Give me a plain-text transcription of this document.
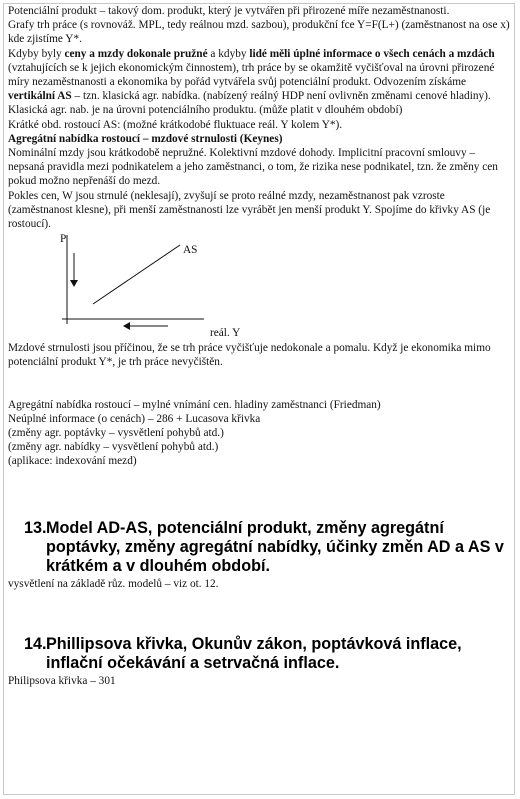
Potenciální produkt – takový dom. produkt, který je vytvářen při přirozené míře nezaměstnanosti.

Grafy trh práce (s rovnováž. MPL, tedy reálnou mzd. sazbou), produkční fce Y=F(L+) (zaměstnanost na ose x) kde zjistíme Y*.

Kdyby byly ceny a mzdy dokonale pružné a kdyby lidé měli úplné informace o všech cenách a mzdách (vztahujících se k jejich ekonomickým činnostem), trh práce by se okamžitě vyčišťoval na úrovni přirozené míry nezaměstnanosti a ekonomika by pořád vytvářela svůj potenciální produkt. Odvozením získáme vertikální AS – tzn. klasická agr. nabídka. (nabízený reálný HDP není ovlivněn změnami cenové hladiny). Klasická agr. nab. je na úrovni potenciálního produktu. (může platit v dlouhém období)

Krátké obd. rostoucí AS: (možné krátkodobé fluktuace reál. Y kolem Y*).

Agregátní nabídka rostoucí – mzdové strnulosti (Keynes)

Nominální mzdy jsou krátkodobě nepružné. Kolektivní mzdové dohody. Implicitní pracovní smlouvy – nepsaná pravidla mezi podnikatelem a jeho zaměstnanci, o tom, že rizika nese podnikatel, tzn. že změny cen pokud možno nepřenáší do mezd.

Pokles cen, W jsou strnulé (neklesají), zvyšují se proto reálné mzdy, nezaměstnanost pak vzroste (zaměstnanost klesne), při menší zaměstnanosti lze vyrábět jen menší produkt Y. Spojíme do křivky AS (je rostoucí).

P
AS
reál. Y

Mzdové strnulosti jsou příčinou, že se trh práce vyčišťuje nedokonale a pomalu. Když je ekonomika mimo potenciální produkt Y*, je trh práce nevyčištěn.

Agregátní nabídka rostoucí – mylné vnímání cen. hladiny zaměstnanci (Friedman)

Neúplné informace (o cenách) – 286 + Lucasova křivka

(změny agr. poptávky – vysvětlení pohybů atd.)

(změny agr. nabídky – vysvětlení pohybů atd.)

(aplikace: indexování mezd)

13. Model AD-AS, potenciální produkt, změny agregátní poptávky, změny agregátní nabídky, účinky změn AD a AS v krátkém a v dlouhém období.

vysvětlení na základě růz. modelů – viz ot. 12.

14. Phillipsova křivka, Okunův zákon, poptávková inflace, inflační očekávání a setrvačná inflace.

Philipsova křivka – 301
